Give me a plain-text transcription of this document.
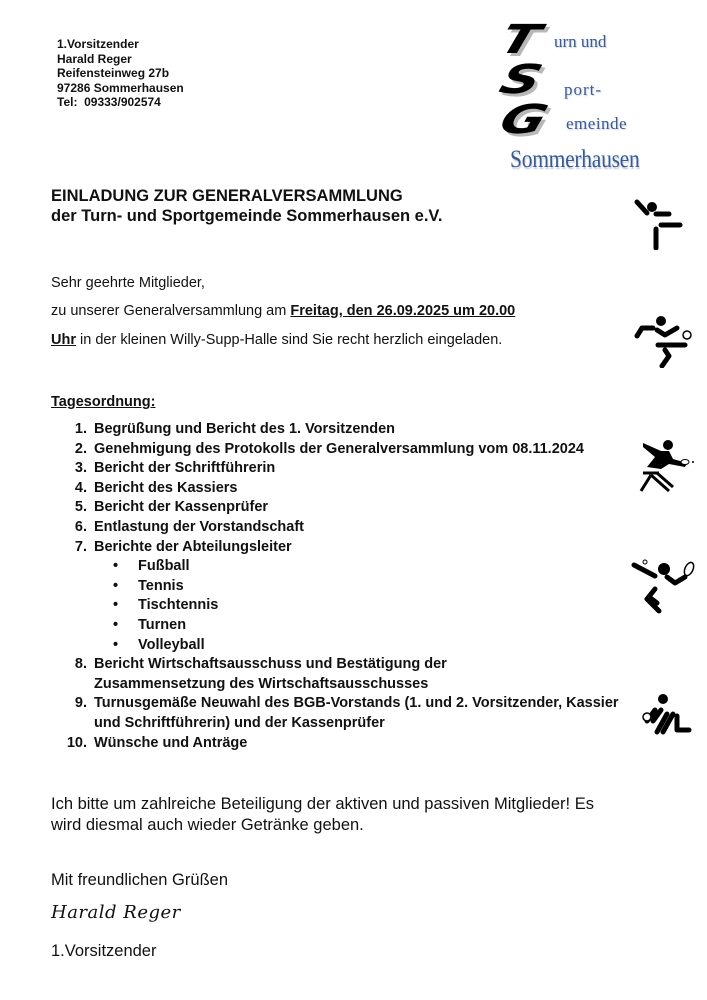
1.Vorsitzender
Harald Reger
Reifensteinweg 27b
97286 Sommerhausen
Tel:  09333/902574
T urn und
S port-
G emeinde
Sommerhausen
EINLADUNG ZUR GENERALVERSAMMLUNG
der Turn- und Sportgemeinde Sommerhausen e.V.
Sehr geehrte Mitglieder,
zu unserer Generalversammlung am Freitag, den 26.09.2025 um 20.00
Uhr in der kleinen Willy-Supp-Halle sind Sie recht herzlich eingeladen.
Tagesordnung:
1. Begrüßung und Bericht des 1. Vorsitzenden
2. Genehmigung des Protokolls der Generalversammlung vom 08.11.2024
3. Bericht der Schriftführerin
4. Bericht des Kassiers
5. Bericht der Kassenprüfer
6. Entlastung der Vorstandschaft
7. Berichte der Abteilungsleiter
•	Fußball
•	Tennis
•	Tischtennis
•	Turnen
•	Volleyball
8. Bericht Wirtschaftsausschuss und Bestätigung der Zusammensetzung des Wirtschaftsausschusses
9. Turnusgemäße Neuwahl des BGB-Vorstands (1. und 2. Vorsitzender, Kassier und Schriftführerin) und der Kassenprüfer
10. Wünsche und Anträge
Ich bitte um zahlreiche Beteiligung der aktiven und passiven Mitglieder! Es wird diesmal auch wieder Getränke geben.
Mit freundlichen Grüßen
Harald Reger
1.Vorsitzender
